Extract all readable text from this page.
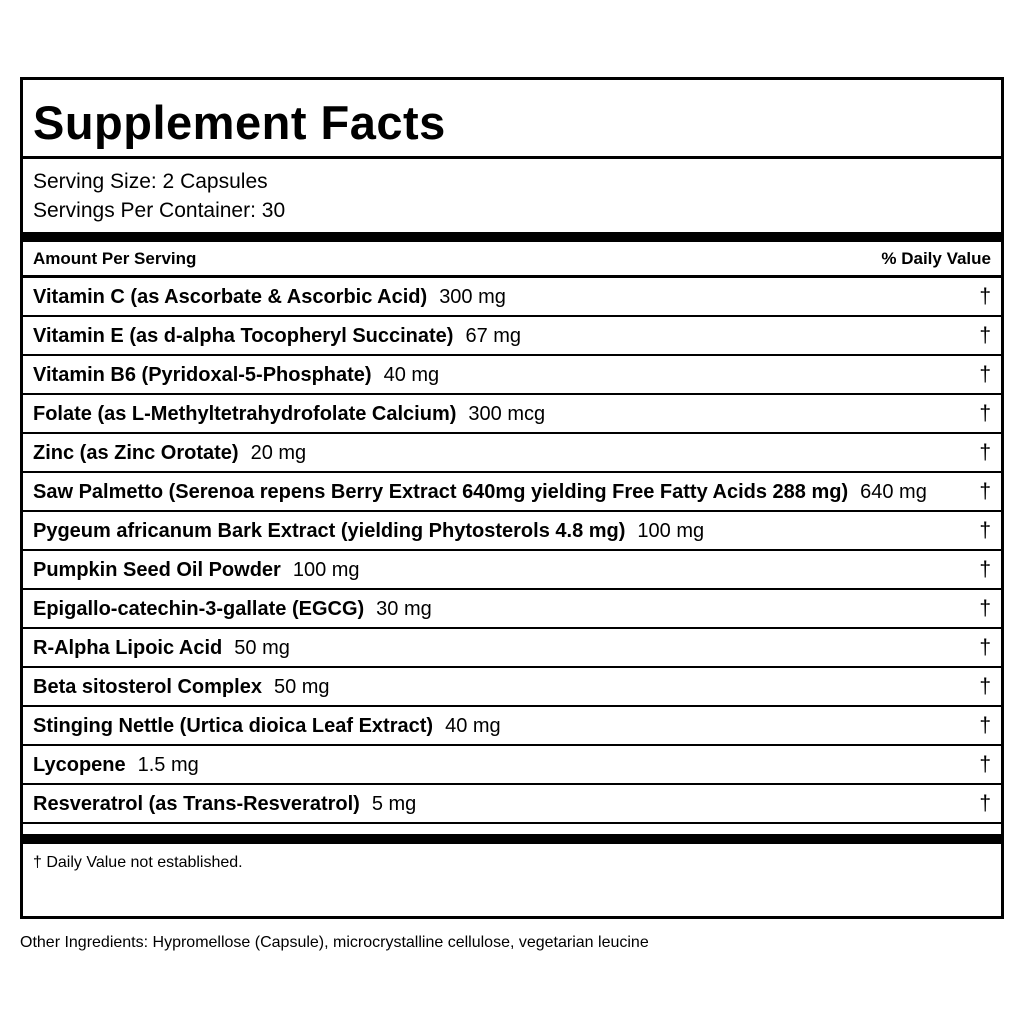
Supplement Facts
Serving Size: 2 Capsules
Servings Per Container: 30
Amount Per Serving	% Daily Value
Vitamin C (as Ascorbate & Ascorbic Acid) 300 mg	†
Vitamin E (as d-alpha Tocopheryl Succinate) 67 mg	†
Vitamin B6 (Pyridoxal-5-Phosphate) 40 mg	†
Folate (as L-Methyltetrahydrofolate Calcium) 300 mcg	†
Zinc (as Zinc Orotate) 20 mg	†
Saw Palmetto (Serenoa repens Berry Extract 640mg yielding Free Fatty Acids 288 mg) 640 mg †
Pygeum africanum Bark Extract (yielding Phytosterols 4.8 mg) 100 mg	†
Pumpkin Seed Oil Powder 100 mg	†
Epigallo-catechin-3-gallate (EGCG) 30 mg	†
R-Alpha Lipoic Acid 50 mg	†
Beta sitosterol Complex 50 mg	†
Stinging Nettle (Urtica dioica Leaf Extract) 40 mg	†
Lycopene 1.5 mg	†
Resveratrol (as Trans-Resveratrol) 5 mg	†
† Daily Value not established.
Other Ingredients: Hypromellose (Capsule), microcrystalline cellulose, vegetarian leucine
